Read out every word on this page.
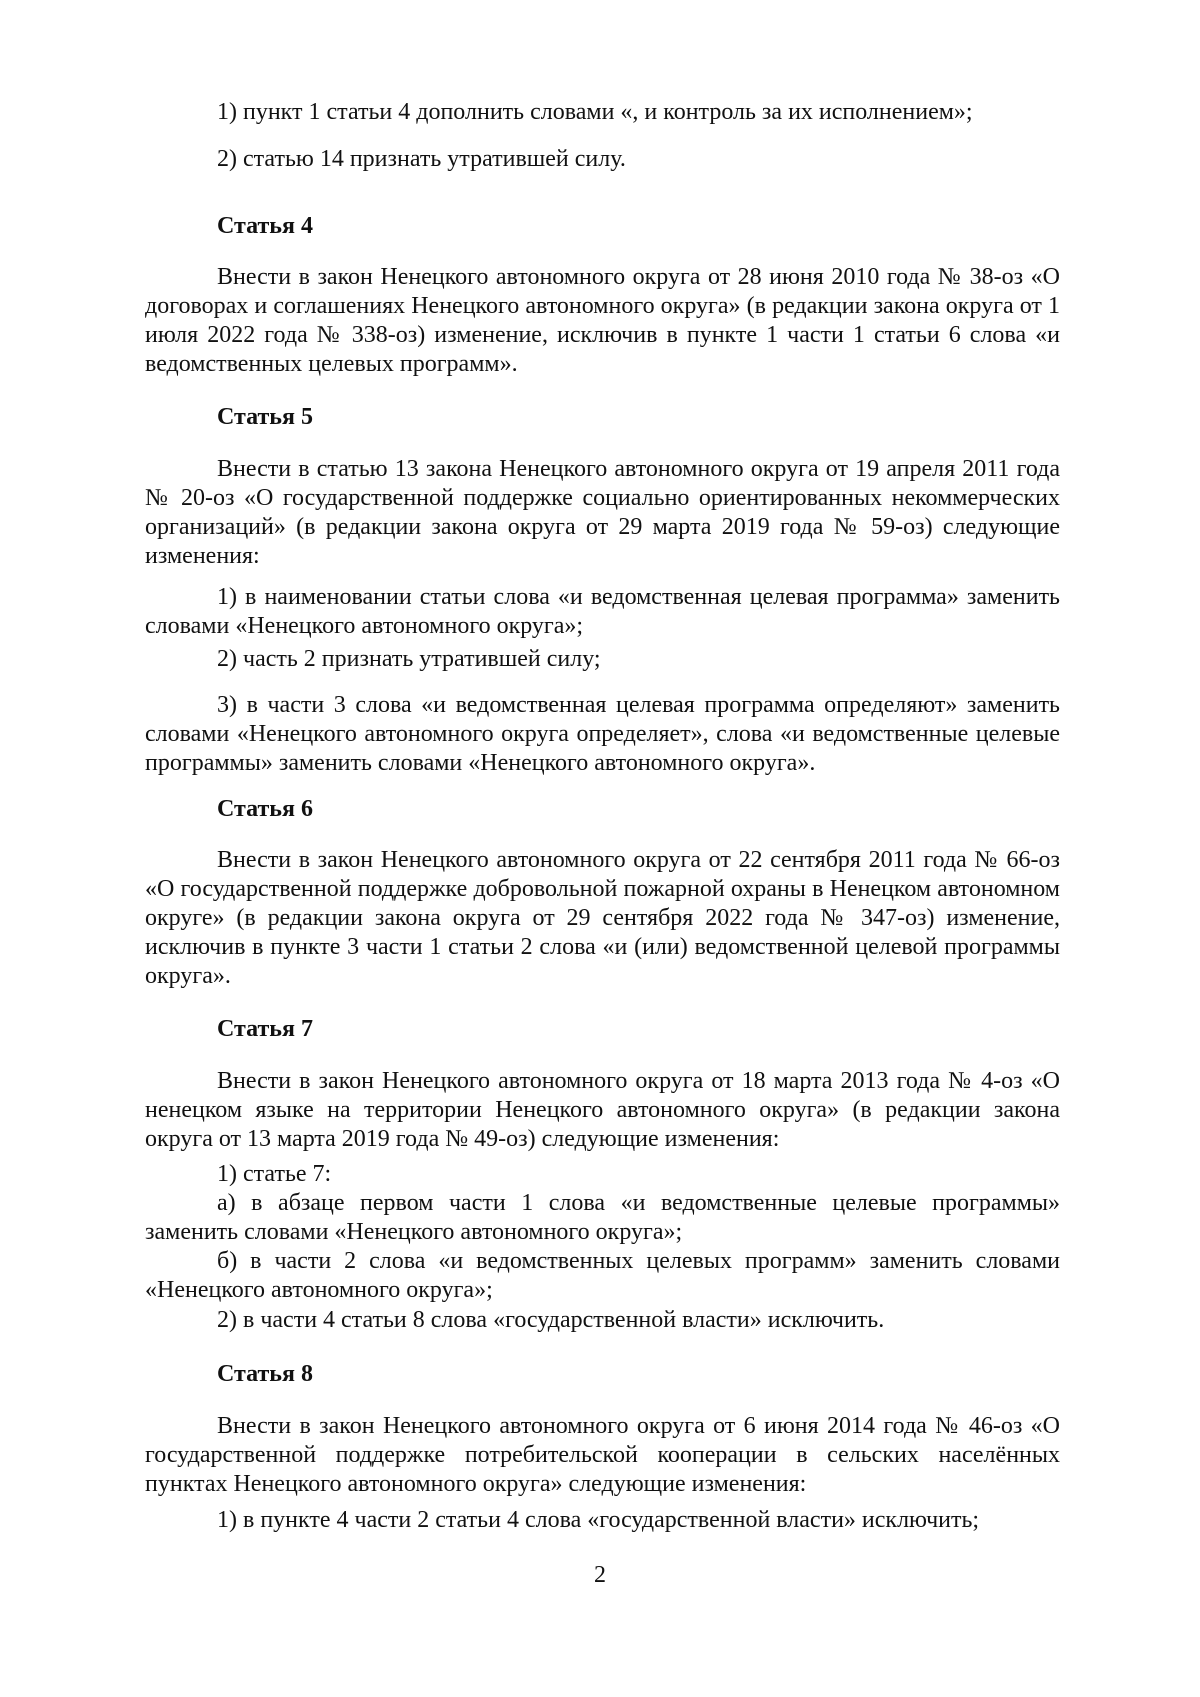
1) пункт 1 статьи 4 дополнить словами «, и контроль за их исполнением»;

2) статью 14 признать утратившей силу.

Статья 4

Внести в закон Ненецкого автономного округа от 28 июня 2010 года № 38-оз «О договорах и соглашениях Ненецкого автономного округа» (в редакции закона округа от 1 июля 2022 года № 338-оз) изменение, исключив в пункте 1 части 1 статьи 6 слова «и ведомственных целевых программ».

Статья 5

Внести в статью 13 закона Ненецкого автономного округа от 19 апреля 2011 года № 20-оз «О государственной поддержке социально ориентированных некоммерческих организаций» (в редакции закона округа от 29 марта 2019 года № 59-оз) следующие изменения:

1) в наименовании статьи слова «и ведомственная целевая программа» заменить словами «Ненецкого автономного округа»;

2) часть 2 признать утратившей силу;

3) в части 3 слова «и ведомственная целевая программа определяют» заменить словами «Ненецкого автономного округа определяет», слова «и ведомственные целевые программы» заменить словами «Ненецкого автономного округа».

Статья 6

Внести в закон Ненецкого автономного округа от 22 сентября 2011 года № 66-оз «О государственной поддержке добровольной пожарной охраны в Ненецком автономном округе» (в редакции закона округа от 29 сентября 2022 года № 347-оз) изменение, исключив в пункте 3 части 1 статьи 2 слова «и (или) ведомственной целевой программы округа».

Статья 7

Внести в закон Ненецкого автономного округа от 18 марта 2013 года № 4-оз «О ненецком языке на территории Ненецкого автономного округа» (в редакции закона округа от 13 марта 2019 года № 49-оз) следующие изменения:

1) статье 7:

а) в абзаце первом части 1 слова «и ведомственные целевые программы» заменить словами «Ненецкого автономного округа»;

б) в части 2 слова «и ведомственных целевых программ» заменить словами «Ненецкого автономного округа»;

2) в части 4 статьи 8 слова «государственной власти» исключить.

Статья 8

Внести в закон Ненецкого автономного округа от 6 июня 2014 года № 46-оз «О государственной поддержке потребительской кооперации в сельских населённых пунктах Ненецкого автономного округа» следующие изменения:

1) в пункте 4 части 2 статьи 4 слова «государственной власти» исключить;

2
